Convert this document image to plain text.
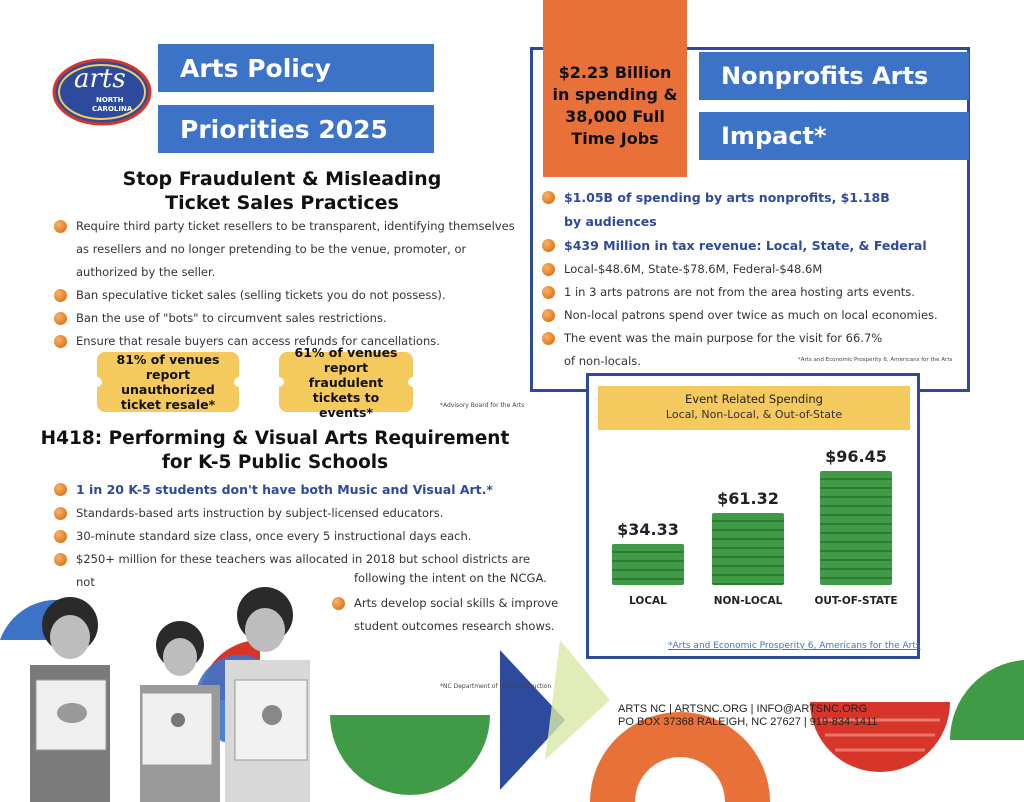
arts
NORTH
CAROLINA
Arts Policy
Priorities 2025
Stop Fraudulent & Misleading
Ticket Sales Practices
Require third party ticket resellers to be transparent, identifying themselves
as resellers and no longer pretending to be the venue, promoter, or
authorized by the seller.
Ban speculative ticket sales (selling tickets you do not possess).
Ban the use of "bots" to circumvent sales restrictions.
Ensure that resale buyers can access refunds for cancellations.
81% of venues report unauthorized ticket resale*
61% of venues report fraudulent tickets to events*	*Advisory Board for the Arts
H418: Performing & Visual Arts Requirement
for K-5 Public Schools
1 in 20 K-5 students don't have both Music and Visual Art.*
Standards-based arts instruction by subject-licensed educators.
30-minute standard size class, once every 5 instructional days each.
$250+ million for these teachers was allocated in 2018 but school districts are not	following the intent on the NCGA.
Arts develop social skills & improve
student outcomes research shows.
*NC Department of Public Instruction
$2.23 Billion in spending & 38,000 Full Time Jobs
Nonprofits Arts
Impact*
$1.05B of spending by arts nonprofits, $1.18B
by audiences
$439 Million in tax revenue: Local, State, & Federal
Local-$48.6M, State-$78.6M, Federal-$48.6M
1 in 3 arts patrons are not from the area hosting arts events.
Non-local patrons spend over twice as much on local economies.
The event was the main purpose for the visit for 66.7%
of non-locals.	*Arts and Economic Prosperity 6, Americans for the Arts
Event Related Spending
Local, Non-Local, & Out-of-State
$34.33
LOCAL
$61.32
NON-LOCAL
$96.45
OUT-OF-STATE
*Arts and Economic Prosperity 6, Americans for the Arts
ARTS NC | ARTSNC.ORG | INFO@ARTSNC.ORG
PO BOX 37368 RALEIGH, NC 27627 | 919-834-1411
